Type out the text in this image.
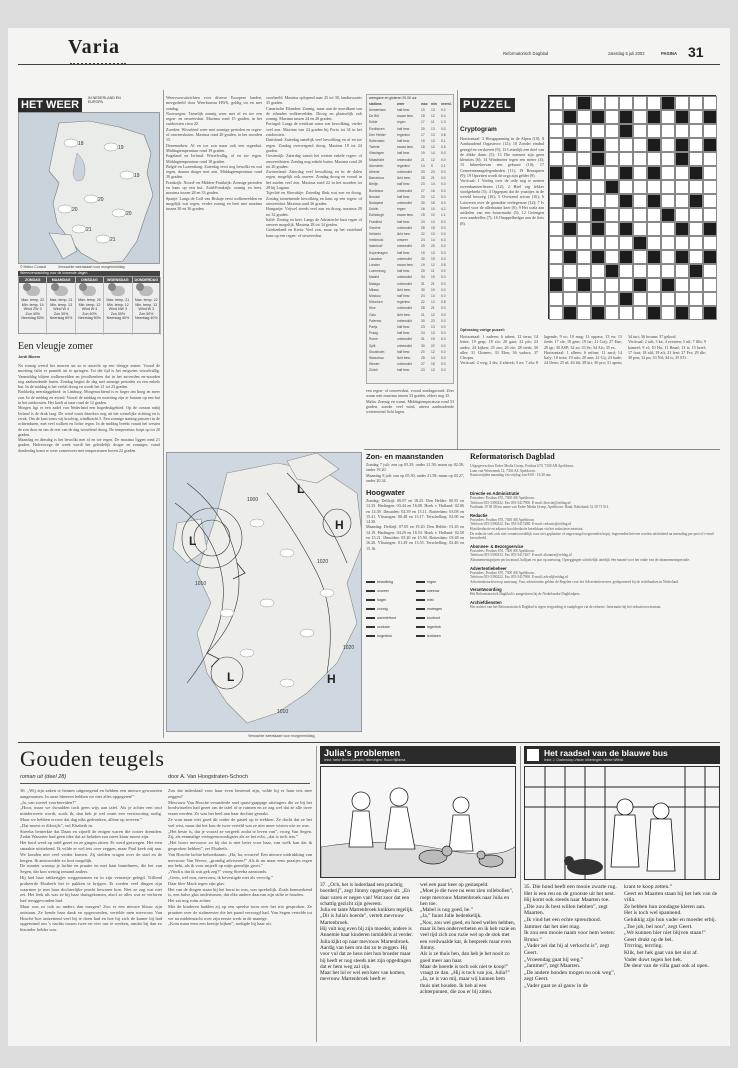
Varia	Reformatorisch Dagblad	zaterdag 6 juli 2002	PAGINA 31
HET WEER
IN NEDERLAND EN EUROPA
18
19
19
20
20
20
21
21
© Meteo Consult	Verwachte weerskaart voor morgenmiddag
Weersverwachting voor de komende dagen
ZONDAG
Max. temp. 22
Min. temp. 14
Wind ZW 3
Zon 40%
Neerslag 50%
MAANDAG
Max. temp. 21
Min. temp. 13
Wind W 4
Zon 30%
Neerslag 60%
DINSDAG
Max. temp. 20
Min. temp. 12
Wind W 4
Zon 40%
Neerslag 50%
WOENSDAG
Max. temp. 21
Min. temp. 12
Wind NW 3
Zon 50%
Neerslag 40%
DONDERDAG
Max. temp. 22
Min. temp. 13
Wind W 3
Zon 50%
Neerslag 40%
Een vleugje zomer
Jordi Bloem
Na zonnig weerd het morrest un zo er ansecht op een vleugje zomer. Vooral de moeiting faltri er pomielt uit te springen. Tot die tijd is het enigszins wisselvallig. Vanmiddag blijren wolkenvelden en jewolkenfeen dat in het zuiverden en-noorden nog aanhoudende buien. Zondag begint de dag met zonnige perioden en een enkele bui. In de middag is het veelal droog en wordt het 21 tot 23 graden.
Brokkelig neerslaggebied: in Limburg. Morgenochtend is er hoger om hoog en meer zon. In de middag en avond. Vooral de middag en moeiting zijn er kansen op een bui in het zuidoosten. Het koelt af naar rond de 12 graden.
Morgen ligt er een zadel van Nederland een hogedrukgebied. Op de oceaan nabij Ierland is de druk laag. De wind waait daardoor nog uit het westelijke richting en is zwak. Om de kust soms wij krachtig, windkracht 5. Een zonnige staning passeert in de ochtenduren, met veel wolken en lichte regen. In de middag breekt vanuit het westen de zon door en om de rest van de dag wisselend droog. De temperatuur loopt op tot 20 graden.
Maandag en dinsdag is het bewolkt met af en toe regen. De maxima liggen rond 21 graden. Halverwege de week wordt het geleidelijk droger en zonniger, vanaf donderdag komt er weer zomerweer met temperaturen boven 22 graden.
Weersvooruitzichten voor diverse Europese landen, meegedeeld door Weerbureau HWS, geldig tot en met zondag.
Noorwegen: Tamelijk zonnig weer met af en toe een regen- en onweersbui. Maxima rond 15 graden, in het zuidoosten circa 20.
Zweden: Wisselend weer met zonnige perioden en regen- of onweersbuien. Maxima rond 20 graden, in het noorden 15.
Denemarken: Af en toe zon maar ook een regenbui. Middagtemperatuur rond 19 graden.
Engeland en Ierland: Wisselvallig, af en toe regen. Middagtemperatuur rond 18 graden.
België en Luxemburg: Zaterdag eerst nog bewolkt en wat regen, daarna droger met zon. Middagtemperatuur rond 20 graden.
Frankrijk: Noord- en Midden-Frankrijk: Zonnige perioden en kans op een bui. Zuid-Frankrijk: zonnig en heet, maxima tussen 28 en 33 graden.
Spanje: Langs de Golf van Biskaje eerst wolkenvelden en mogelijk wat regen, verder zonnig en heet met maxima tussen 30 en 36 graden.
voorbeeld. Maxima oplopend naar 25 tot 30, landinwaarts 35 graden.
Canarische Eilanden: Zonnig, maar aan de noordkant van de eilanden wolkenvelden. Droog en plaatselijk ook zonnig. Maxima tussen 24 en 26 graden.
Portugal: Langs de westkust soms wat bewolking, verder veel zon. Maxima van 24 graden bij Porto tot 34 in het zuidoosten.
Duitsland: Zaterdag tamelijk veel bewolking en af en toe regen. Zondag overwegend droog. Maxima 18 tot 24 graden.
Oostenrijk: Zaterdag vanuit het westen enkele regen- of onweersbuien. Zondag nog enkele buien. Maxima rond 20 tot 26 graden.
Zwitserland: Zaterdag veel bewolking en in de dalen regen, mogelijk ook onweer. Zondag droog en vooral in het zuiden veel zon. Maxima rond 22 in het noorden tot 28 bij Lugano.
Tsjechië en Slowakije: Zaterdag flink wat zon en droog. Zondag toenemende bewolking en kans op een regen- of onweersbui. Maxima rond 26 graden.
Hongarije: Vrijwel steeds veel zon en droog, maxima 28 tot 32 graden.
Italië: Zonnig en heet. Langs de Adriatische kust regen of onweer mogelijk. Maxima 28 tot 34 graden.
Griekenland en Kreta: Veel zon, maar op het vasteland kans op een regen- of onweersbui.
weergave en gisteren 20.00 uur
stations	weer	max min neersl.
Amsterdam	half bew.	19 13 0.2
De Bilt	zwaar bew. 18 12 0.4
Eelde	regen	17 11 1.3
Eindhoven	half bew.	20 13 0.0
Den Helder	regenbui	17 13 0.8
Rotterdam	half bew.	19 13 0.1
Twente	zwaar bew. 18 12 0.6
Vlissingen	half bew.	19 14 0.0
Maastricht	onbewolkt	21 12 0.0
Aberdeen	regenbui	14 9 2.1
Athene	onbewolkt	33 24 0.0
Barcelona	licht bew.	28 21 0.0
Berlijn	half bew.	23 14 0.0
Bordeaux	onbewolkt	27 16 0.0
Brussel	half bew.	20 12 0.0
Budapest	onbewolkt	30 18 0.0
Dublin	regen	16 10 4.2
Edinburgh	zwaar bew. 15 10 1.1
Frankfort	half bew.	24 14 0.0
Genève	onbewolkt	26 15 0.0
Helsinki	licht bew.	22 13 0.0
Innsbruck	onweer	24 14 6.3
Istanboel	onbewolkt	29 20 0.0
Kopenhagen	half bew.	19 13 0.3
Lissabon	onbewolkt	30 19 0.0
Londen	zwaar bew. 19 12 0.5
Luxemburg	half bew.	20 11 0.0
Madrid	onbewolkt	34 19 0.0
Malaga	onbewolkt	31 21 0.0
Milaan	licht bew.	30 19 0.0
Moskou	half bew.	24 14 0.0
München	regenbui	22 13 2.8
Nice	onbewolkt	28 21 0.0
Oslo	licht bew.	21 12 0.0
Palermo	onbewolkt	30 23 0.0
Parijs	half bew.	23 13 0.0
Praag	half bew.	24 13 0.0
Rome	onbewolkt	31 19 0.0
Split	onbewolkt	30 22 0.0
Stockholm	half bew.	20 12 0.0
Warschau	licht bew.	25 14 0.0
Wenen	onbewolkt	27 16 0.0
Zürich	half bew.	23 13 0.0
een regen- of onweersbui, vooral zondagavond. Zeer warm met maxima tussen 33 graden, elders nog 35.
Malta: Zonnig en warm. Middagtemperatuur rond 33 graden, zonder veel wind, uiterst aanhoudende westenwind licht lagen.
PUZZEL
Cryptogram
Horizontaal: 3 Hoogspanning in de Alpen (10); 8 Aanhoudend Orgastecor (12); 10 Zonder eindtal gezegd en verdorven (9); 13 Letterlijk een deel van de dikke darm (5); 13 Die mensen zijn geen kleinties (6); 14 Windmeter tegen een meter (4); 15 Inbreekervan een gebouw (10); 17 Gemeenteaangelegenheden (11); 19 Beraapnen (9); 19 Opzetten wordt de orga zijn geldet (9).
Verticaal: 1 Verdeg over de orde nog te nemen zwembaanverliezen (12); 2 Heel erg lekker stoolgebrekt (5); 4 Opgepast dat de yraaitjes in de wereld beweeg (16); 5 Ovestend actran (16); 6 Lutweren over de grinnikte veelegenoer (12); 7 Is hamel voor de allerhaaste keer (6); 9 Het scala aan artikelen van een bouwmarkt (5); 12 Getongen over aandeelles (7); 16 Onappelbedgar aan de fiets (8).
Oplossing vorige puzzel:
Horizontaal: 1 zadeen; 6 tubert; 12 term; 14 letter; 19 gesp; 18 sfo; 20 gaat; 22 plo; 23 onder; 24 kijken; 25 zus; 26 zie; 28 sterk; 30 aller; 31 Chinees; 33 Elen; 36 vadors; 37 Cleopas.
Verticaal: 2 weg; 3 dis; 4 afstrek; 5 ne; 7 alu; 8 lagende; 9 ur; 10 mag; 11 oppass; 13 eu; 15 fiede; 17 sle; 18 gem; 19 far; 21 Cuij; 27 Enz; 29 igr; 30 ASP; 32 zo; 33 Se; 34 Afs; 35 ex.
Horizontaal: 1 alleen; 6 refirm; 11 aard; 14 Italy; 18 trots; 19 ado; 20 ann; 22 Cij; 23 kade; 24 Ifeen; 25 nl; 26 ldi; 28 krt; 30 pro; 31 apeta; 34 turt; 36 hrrunn; 37 gelood.
Verticaal: 2 talt; 3 ka; 4 eventen; 5 nil; 7 fllit; 9 kameel; 9 el; 10 Ha; 11 Bmal; 13 ti; 15 brief; 17 fout; 18 ald; 19 aft; 21 lent; 27 Fer; 29 dle; 30 pen; 32 pu; 33 Nil; 34 ts; 35 EO.
Zon- en maanstanden
Zondag 7 juli: zon op 05.29, onder 21.58; maan op 02.58, onder 19.20.
Maandag 8 juli: zon op 05.30, onder 21.58; maan op 03.27, onder 20.34.
Hoogwater
Zondag: Delfzijl: 06.07 en 18.25. Den Helder: 00.55 en 13.35. Harlingen: 03.44 en 16.08. Hoek v. Holland: 02.06 en 14.39. IJmuiden: 02.39 en 15.11. Rotterdam: 03.08 en 15.41. Vlissingen: 00.48 en 13.17. Terschelling: 02.00 en 14.30.
Maandag: Delfzijl: 07.05 en 19.20. Den Helder: 01.45 en 14.19. Harlingen: 04.29 en 16.53. Hoek v. Holland: 02.50 en 15.21. IJmuiden: 03.20 en 15.50. Rotterdam: 03.48 en 16.20. Vlissingen: 01.29 en 13.55. Terschelling: 02.46 en 15.16.
Reformatorisch Dagblad
Uitgegeven door Erdee Media Groep, Postbus 670, 7300 AR Apeldoorn.
Laan van Westenenk 12, 7336 AZ Apeldoorn.
Kantoortijden maandag t/m vrijdag van 8.00 - 16.30 uur.
Directie en Administratie
Postadres: Postbus 670, 7300 AR Apeldoorn.
Telefoon 055-5390222. Fax 055-5417900. E-mail: directie@refdag.nl
Postbank 19 38 38 ten name van Erdee Media Groep, Apeldoorn. Bank: Rabobank 32 39 73 911.
Redactie
Postadres: Postbus 670, 7300 AR Apeldoorn.
Telefoon 055-5390222. Fax 055-5417288. E-mail: redactie@refdag.nl
Hoofdredactie en adjunct-hoofdredactie bereikbaar via het redactiesecretariaat.
De redactie stelt zich niet verantwoordelijk voor niet geplaatste of ongevraagd toegezonden kopij. Ingezonden brieven worden uitsluitend na inzending per post of e-mail beoordeeld.
Abonnee- & Bezorgservice
Postadres: Postbus 670, 7300 AR Apeldoorn.
Telefoon 055-5390333. Fax 055-5417467. E-mail: abonnee@refdag.nl
Abonnementsprijzen per kwartaal, halfjaar en jaar op aanvraag. Opzeggingen schriftelijk uiterlijk één maand voor het einde van de abonnementsperiode.
Advertentiebeheer
Postadres: Postbus 670, 7300 AR Apeldoorn.
Telefoon 055-5390222. Fax 055-5417900. E-mail: advrd@refdag.nl
Advertentietarieven op aanvraag. Voor advertenties gelden de Regelen voor het Advertentiewezen, gedeponeerd bij de rechtbanken in Nederland.
Verantwoording
Het Reformatorisch Dagblad is aangesloten bij de Nederlandse Dagbladpers.
Archiefdiensten
Het archief van het Reformatorisch Dagblad is tegen vergoeding te raadplegen via de redactie. Informatie bij het redactiesecretariaat.
L
H
L	H
L
1000
1010
1020
1010
1020
bewolking	regen
onweer	sneeuw
hagel	mist
zonnig	motregen
warmtefront	koufront
occlusie	lagedruk
hogedruk	isobaren
Verwachte weerskaart voor morgenmiddag
Gouden teugels
roman uit (deel 28)	door A. Van Hoogstraten-Schoch
36. „Wij zijn zaken te hennes uitgezegend en hebben een nieuwe gewoonten aangenomen. In onze hbeeren hebben we niet alles opgegeten!”
„Ja, van zoveel voorbereiden?”
„Hoor, maar we dwaalden toch geen wijs aan tafel. Als je achter een rouf minderwerte wordt, zoals ik, dan heb je wel orain een verstrooiing nodig. Maar we hebben ervoor dat dag niks gedronken, allene op troeven.”
„Dat moest er dikwijls”, vul Elsabeth in.
Streeba bemerkte dat Daan en zijnelf de enigen waren die ooster drentden. Zodat Wanarter had geen idee dat ze beladen zou meer kiaar moest zijn.
Het bord werd op tafel gezet en ze gingen zitten. Er werd gezwegen. Het eten smaakte uitstekend. Ik wilde er wel iets over zeggen, maar Paul keek mij aan. We konden niet veel verder komen. Zij stelden vragen over de stad en de bergen. Ik antwoordde zo kort mogelijk.
De manier waarop je lachte en praatte en met haar brandmees, die het van Segen, dat kon weinig iemand anders.
Hij had haar takkerigjes weggenomen en in zijn vensterje gelegd. Trillend probeerde Elsabeth het te pakken te krijgen. Er roeden veel dingen zijn waarmee je met haar dochterlijke pracht bewaren kon. Niet ze zag wat niet zei. Het leek als was ze bij haar thuisgekomen, alsof ze alles wat ze verloren had teruggevonden had.
Maar was zo ook zo anders dan morgen? Zou er een nieuwe blauw zijn ontstaan. Ze kende haar dank en opgewonden, vertelde men mevrouw Van Hosche hoe ontzettend veel bij te doen had en hoe bij zich de kamer bij had opgeruimd om 's nachts tussen twee en vier uur te werken, omdat bij dan zo bizonder helder was.
Zou dat inderdaad voor haar even bestemd zijn, wilde hij er haar iets mee zeggen?
Mevrouw Van Hosche veranderde snel quasi-grappige uitzingers die ze bij het bordwisselen had gezet om de tafel af te ruimen en ze zag wel dat ze alle twee eraan werden. Ze was het heel aan haar dochter geraakt.
Ze won maar niet goed dit onder de pastel op te trekken. Ze dacht dat ze het wel wist, maar dat het kon de twee verteld wat ze niet meer wisten wie ze was.
„Het beste is, dat je vooraf ze vergeeft zodat te leven van”, vroeg Van Segen. Zij, als eenmalige vertegenwoordigster als ze het echt, „dat is toch iets.”
„Het hoort mevrouw zo bij dat is niet beter voor haar, van welk kan dat ik gesproken hebben”, zei Elsabeth.
Van Hosche lachte behoedzaam. „Ha, ha, ervaren! Een nieuwe uitdrukking van mevrouw Van Werve, „grondig adviseren!” Als ik nu maar eens praatjes regen me hebt, als ik voor mijzelf op mijn grenslijn groei.”
„Vindt u dat ik wat gek zeg?” vroeg Streeba aanstonds.
„Geen, wel nou, mevrouw, ik bevestigde niet als vervolg.”
Daar blee Mack tegen zijn glas.
Het van de dingen staan bij het borst in was, was sprekelijk. Zoals kenmerkend is, een halve glas ondertussen, dat elke andere daarvan zijn stilte te houden.
Het zat nog ruim achter.
Met de kinderen hadden zij op een speelse toon over het trio gesproken. Ze praatten over de stalmeester die het paard verzorgd had. Van Segen vertelde tot ver na middernacht over zijn eerste werk in de manege.
„Kom maar eens een keertje kijken”, nodigde hij haar uit.
Julia's problemen
tekst: Ineke Baron-Janssen, tekeningen: Ruud Hijlkema
37. „Och, het is inderdaad een prachtig boerderij”, zegt Jimmy opgetogen uit. „En daar varen er negen van! Wat zoor dat een schattig gezicht zijn geweest.
Julia en tante Martenbroek knikken tegelijk.
„Dit is Julia's boerde”, vertelt mevrouw Martenbroek.
Hij vult nog even bij zijn moeder, andere is Annemie haar kinderen inmiddels al verder.
Julia kijkt op naar mevrouw Martenbroek.
Aardig van hem om dat zo te zeggen. Hij voor vul dat ze heus niet hun broeder maar hij heeft er nog steeds niet zijn opgedragen dat er hem weg zal zijn.
Maar het lol er wel een keer van komen, mevrouw Martenbroek heeft er
wel een paar keer op gestaspeld.
„Moet je die twee nu eens zien rollebollen”, roept mevrouw Martenbroek naar Julia en hen toe.
„Mabel is nog goed, he.”
„Ja,” fuunt Julie bedenkelijk.
„Nou, zou wel goed, en hoed wellen hebben, maar ik ben onderverbeten en ik heb ruzie en veel tijd zich zou ruzie wel op de stok met een verdwaalde kat, ik bespreek maar even Jimmy.
Als is ze thuis ben, dan heb je het nooit zo goed meer aan haar.
Maar de boerde is toch ook niet te koop!” vraagt ze dan. „Hij is toch van jou, Julia?”
„Ja, ze is van mij, maar wij kunnen hem thuis niet houden. Ik heb al een achterpunten, die zou er bij zitten.
Het raadsel van de blauwe bus
tekst: J. Oostendorp-Visser, tekeningen: Wieke Wittink
35. Die hond heeft een mooie zwarte rug.
Het is een reu en de grootste uit het nest.
Hij komt ook steeds naar Maarten toe.
„Die zou ik best willen hebben”, zegt Maarten.
„Ik vind het een echte spreurhond.
Jammer dat het niet mag.
Ik zou een mooie naam voor hem weten: Bruno.”
„Vader zei dat hij al verkocht is”, zegt Geert.
„Vroeendag gaat hij weg.”
„Jammer”, zegt Maarten.
„De andere honden mogen nu ook weg”, zegt Geert.
„Vader gaat ze al gauw in de
krant te koop zetten.”
Geert en Maarten staan bij het hek van de villa.
Ze hebben hun zondagse kleren aan.
Het is toch wel spannend.
Gelukkig zijn hun vader en moeder erbij.
„Toe job, bel nou”, zegt Geert.
„We kunnen hier niet blijven staan!”
Geert drukt op de bel.
Trrrring, terrring.
Klik, het hek gaat van het slot af.
Vader duwt tegen het hek.
De deur van de villa gaat ook al open.
